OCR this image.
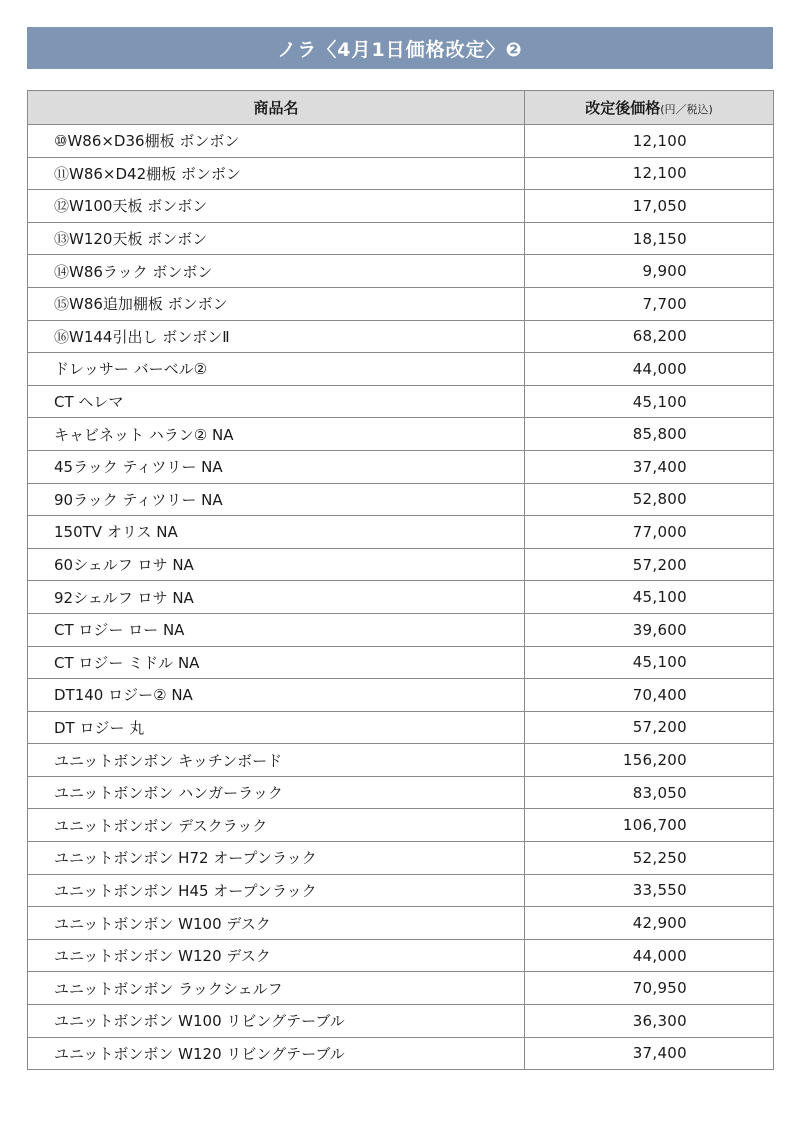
ノラ〈4月1日価格改定〉❷
商品名	改定後価格(円／税込)
⑩W86×D36棚板 ボンボン	12,100
⑪W86×D42棚板 ボンボン	12,100
⑫W100天板 ボンボン	17,050
⑬W120天板 ボンボン	18,150
⑭W86ラック ボンボン	9,900
⑮W86追加棚板 ボンボン	7,700
⑯W144引出し ボンボンⅡ	68,200
ドレッサー バーベル②	44,000
CT ヘレマ	45,100
キャビネット ハラン② NA	85,800
45ラック ティツリー NA	37,400
90ラック ティツリー NA	52,800
150TV オリス NA	77,000
60シェルフ ロサ NA	57,200
92シェルフ ロサ NA	45,100
CT ロジー ロー NA	39,600
CT ロジー ミドル NA	45,100
DT140 ロジー② NA	70,400
DT ロジー 丸	57,200
ユニットボンボン キッチンボード	156,200
ユニットボンボン ハンガーラック	83,050
ユニットボンボン デスクラック	106,700
ユニットボンボン H72 オープンラック	52,250
ユニットボンボン H45 オープンラック	33,550
ユニットボンボン W100 デスク	42,900
ユニットボンボン W120 デスク	44,000
ユニットボンボン ラックシェルフ	70,950
ユニットボンボン W100 リビングテーブル	36,300
ユニットボンボン W120 リビングテーブル	37,400
